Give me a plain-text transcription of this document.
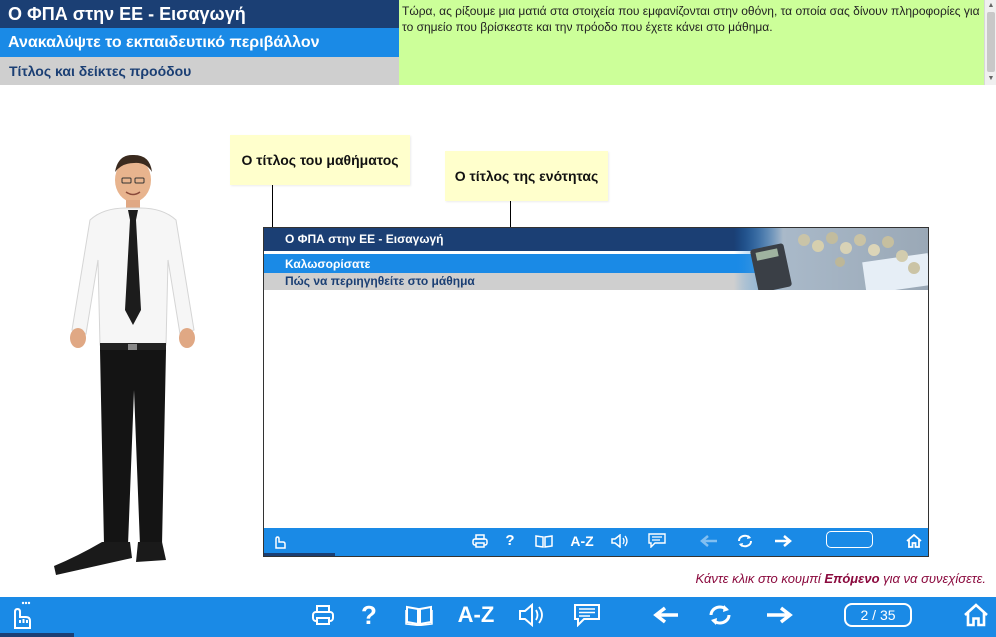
Ο ΦΠΑ στην ΕΕ - Εισαγωγή
Ανακαλύψτε το εκπαιδευτικό περιβάλλον
Τίτλος και δείκτες προόδου
Τώρα, ας ρίξουμε μια ματιά στα στοιχεία που εμφανίζονται στην οθόνη, τα οποία σας δίνουν πληροφορίες για το σημείο που βρίσκεστε και την πρόοδο που έχετε κάνει στο μάθημα.
▲
▼
Ο τίτλος του μαθήματος
Ο τίτλος της ενότητας
Ο ΦΠΑ στην ΕΕ - Εισαγωγή
Καλωσορίσατε
Πώς να περιηγηθείτε στο μάθημα
?	A-Z
Κάντε κλικ στο κουμπί Επόμενο για να συνεχίσετε.
?	A-Z	2 / 35
